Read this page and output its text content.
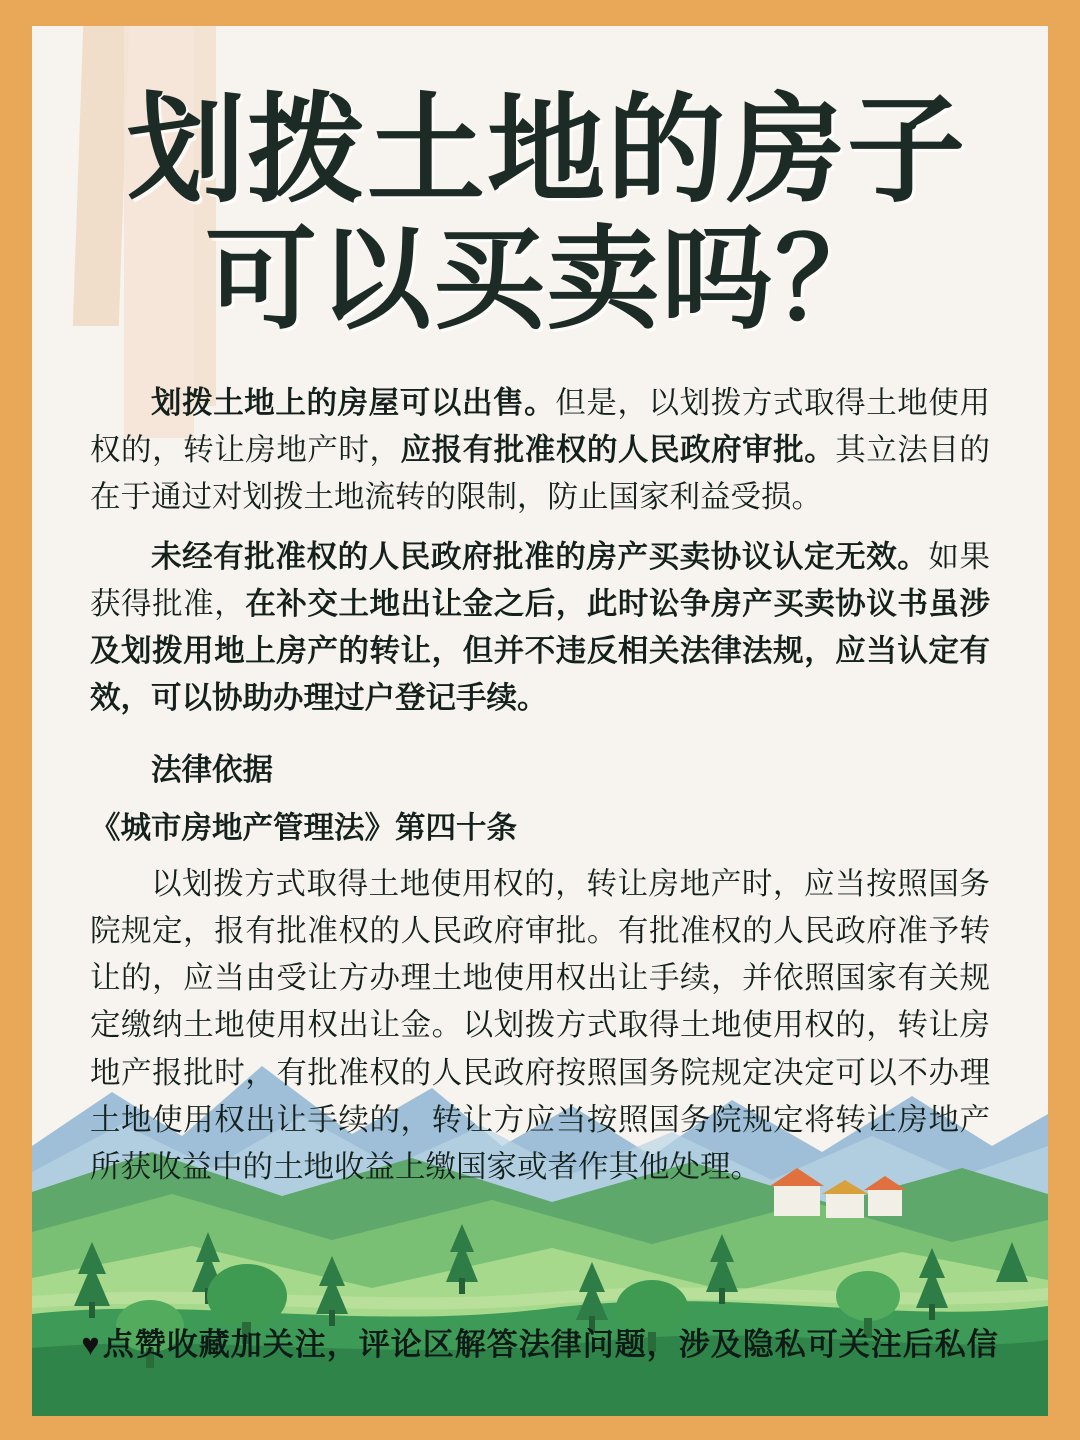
划拨土地的房子
可以买卖吗？

划拨土地上的房屋可以出售。但是，以划拨方式取得土地使用权的，转让房地产时，应报有批准权的人民政府审批。其立法目的在于通过对划拨土地流转的限制，防止国家利益受损。

未经有批准权的人民政府批准的房产买卖协议认定无效。如果获得批准，在补交土地出让金之后，此时讼争房产买卖协议书虽涉及划拨用地上房产的转让，但并不违反相关法律法规，应当认定有效，可以协助办理过户登记手续。

法律依据
《城市房地产管理法》第四十条

以划拨方式取得土地使用权的，转让房地产时，应当按照国务院规定，报有批准权的人民政府审批。有批准权的人民政府准予转让的，应当由受让方办理土地使用权出让手续，并依照国家有关规定缴纳土地使用权出让金。以划拨方式取得土地使用权的，转让房地产报批时，有批准权的人民政府按照国务院规定决定可以不办理土地使用权出让手续的，转让方应当按照国务院规定将转让房地产所获收益中的土地收益上缴国家或者作其他处理。

♥点赞收藏加关注，评论区解答法律问题，涉及隐私可关注后私信
